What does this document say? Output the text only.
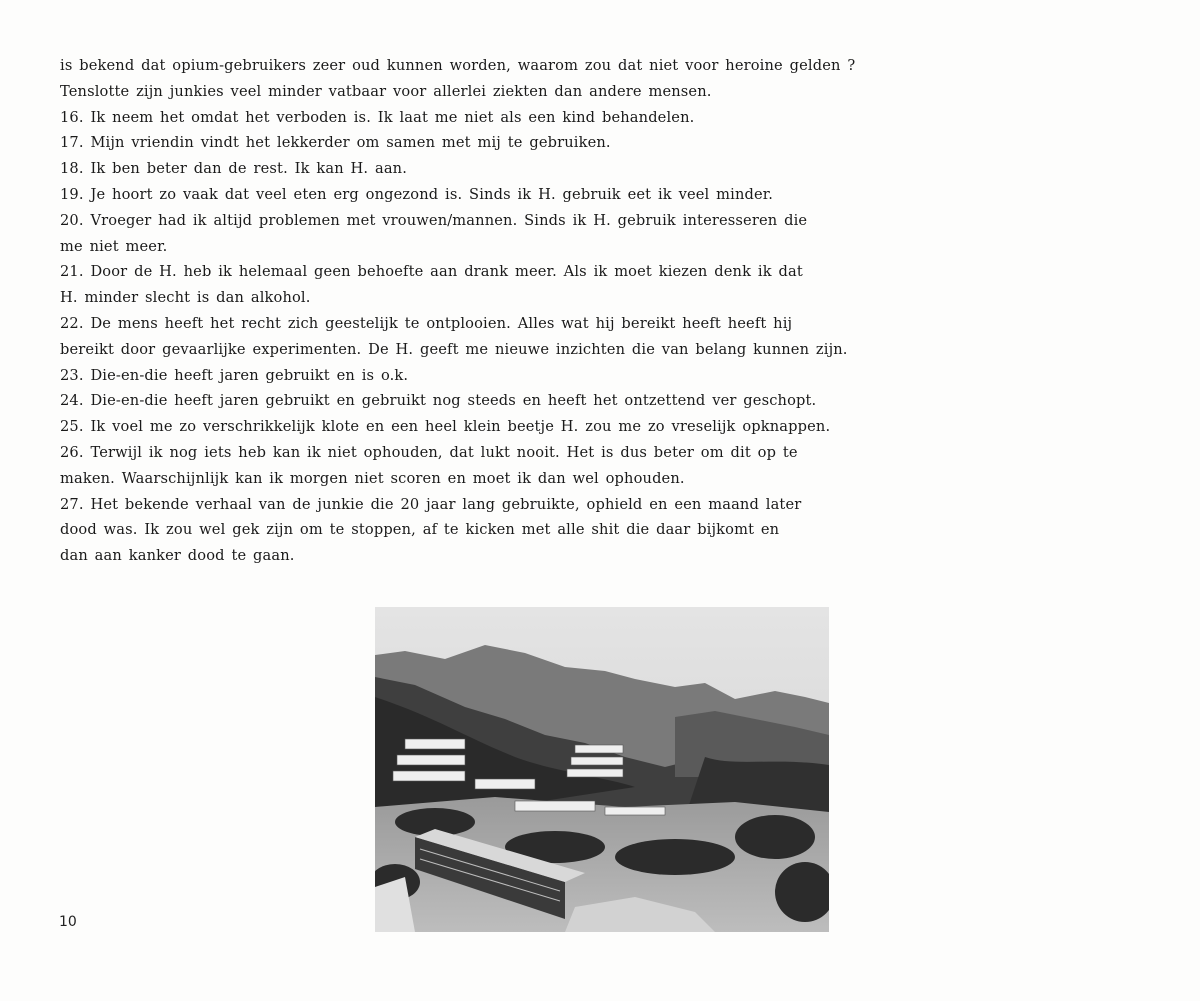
is bekend dat opium-gebruikers zeer oud kunnen worden, waarom zou dat niet voor heroine gelden ?
Tenslotte zijn junkies veel minder vatbaar voor allerlei ziekten dan andere mensen.
16. Ik neem het omdat het verboden is. Ik laat me niet als een kind behandelen.
17. Mijn vriendin vindt het lekkerder om samen met mij te gebruiken.
18. Ik ben beter dan de rest. Ik kan H. aan.
19. Je hoort zo vaak dat veel eten erg ongezond is. Sinds ik H. gebruik eet ik veel minder.
20. Vroeger had ik altijd problemen met vrouwen/mannen. Sinds ik H. gebruik interesseren die
me niet meer.
21. Door de H. heb ik helemaal geen behoefte aan drank meer. Als ik moet kiezen denk ik dat
H. minder slecht is dan alkohol.
22. De mens heeft het recht zich geestelijk te ontplooien. Alles wat hij bereikt heeft heeft hij
bereikt door gevaarlijke experimenten. De H. geeft me nieuwe inzichten die van belang kunnen zijn.
23. Die-en-die heeft jaren gebruikt en is o.k.
24. Die-en-die heeft jaren gebruikt en gebruikt nog steeds en heeft het ontzettend ver geschopt.
25. Ik voel me zo verschrikkelijk klote en een heel klein beetje H. zou me zo vreselijk opknappen.
26. Terwijl ik nog iets heb kan ik niet ophouden, dat lukt nooit. Het is dus beter om dit op te
maken. Waarschijnlijk kan ik morgen niet scoren en moet ik dan wel ophouden.
27. Het bekende verhaal van de junkie die 20 jaar lang gebruikte, ophield en een maand later
dood was. Ik zou wel gek zijn om te stoppen, af te kicken met alle shit die daar bijkomt en
dan aan kanker dood te gaan.
10
